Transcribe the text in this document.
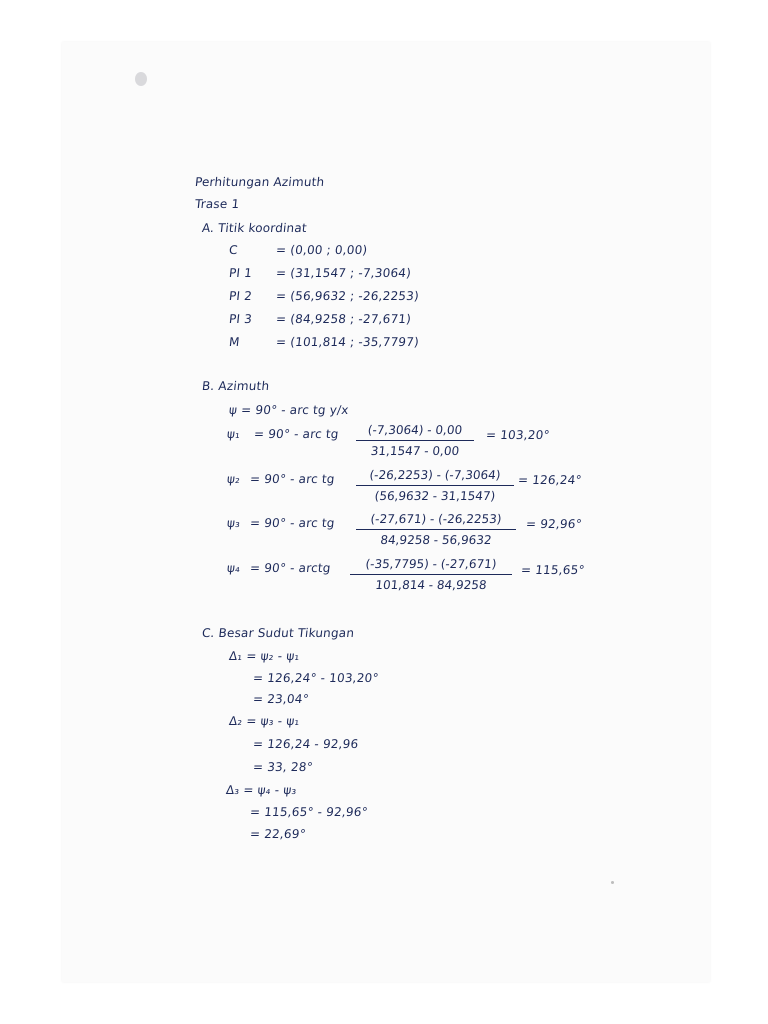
Perhitungan Azimuth
Trase 1
A. Titik koordinat
C	= (0,00 ; 0,00)
PI 1 = (31,1547 ; -7,3064)
PI 2 = (56,9632 ; -26,2253)
PI 3 = (84,9258 ; -27,671)
M	= (101,814 ; -35,7797)
B. Azimuth
ψ = 90° - arc tg y/x
ψ₁ = 90° - arc tg	(-7,3064) - 0,00
31,1547 - 0,00
= 103,20°
ψ₂ = 90° - arc tg	(-26,2253) - (-7,3064)
(56,9632 - 31,1547)
= 126,24°
ψ₃ = 90° - arc tg	(-27,671) - (-26,2253)
84,9258 - 56,9632
= 92,96°
ψ₄ = 90° - arctg	(-35,7795) - (-27,671)
101,814 - 84,9258
= 115,65°
C. Besar Sudut Tikungan
Δ₁ = ψ₂ - ψ₁
= 126,24° - 103,20°
= 23,04°
Δ₂ = ψ₃ - ψ₁
= 126,24 - 92,96
= 33, 28°
Δ₃ = ψ₄ - ψ₃
= 115,65° - 92,96°
= 22,69°
